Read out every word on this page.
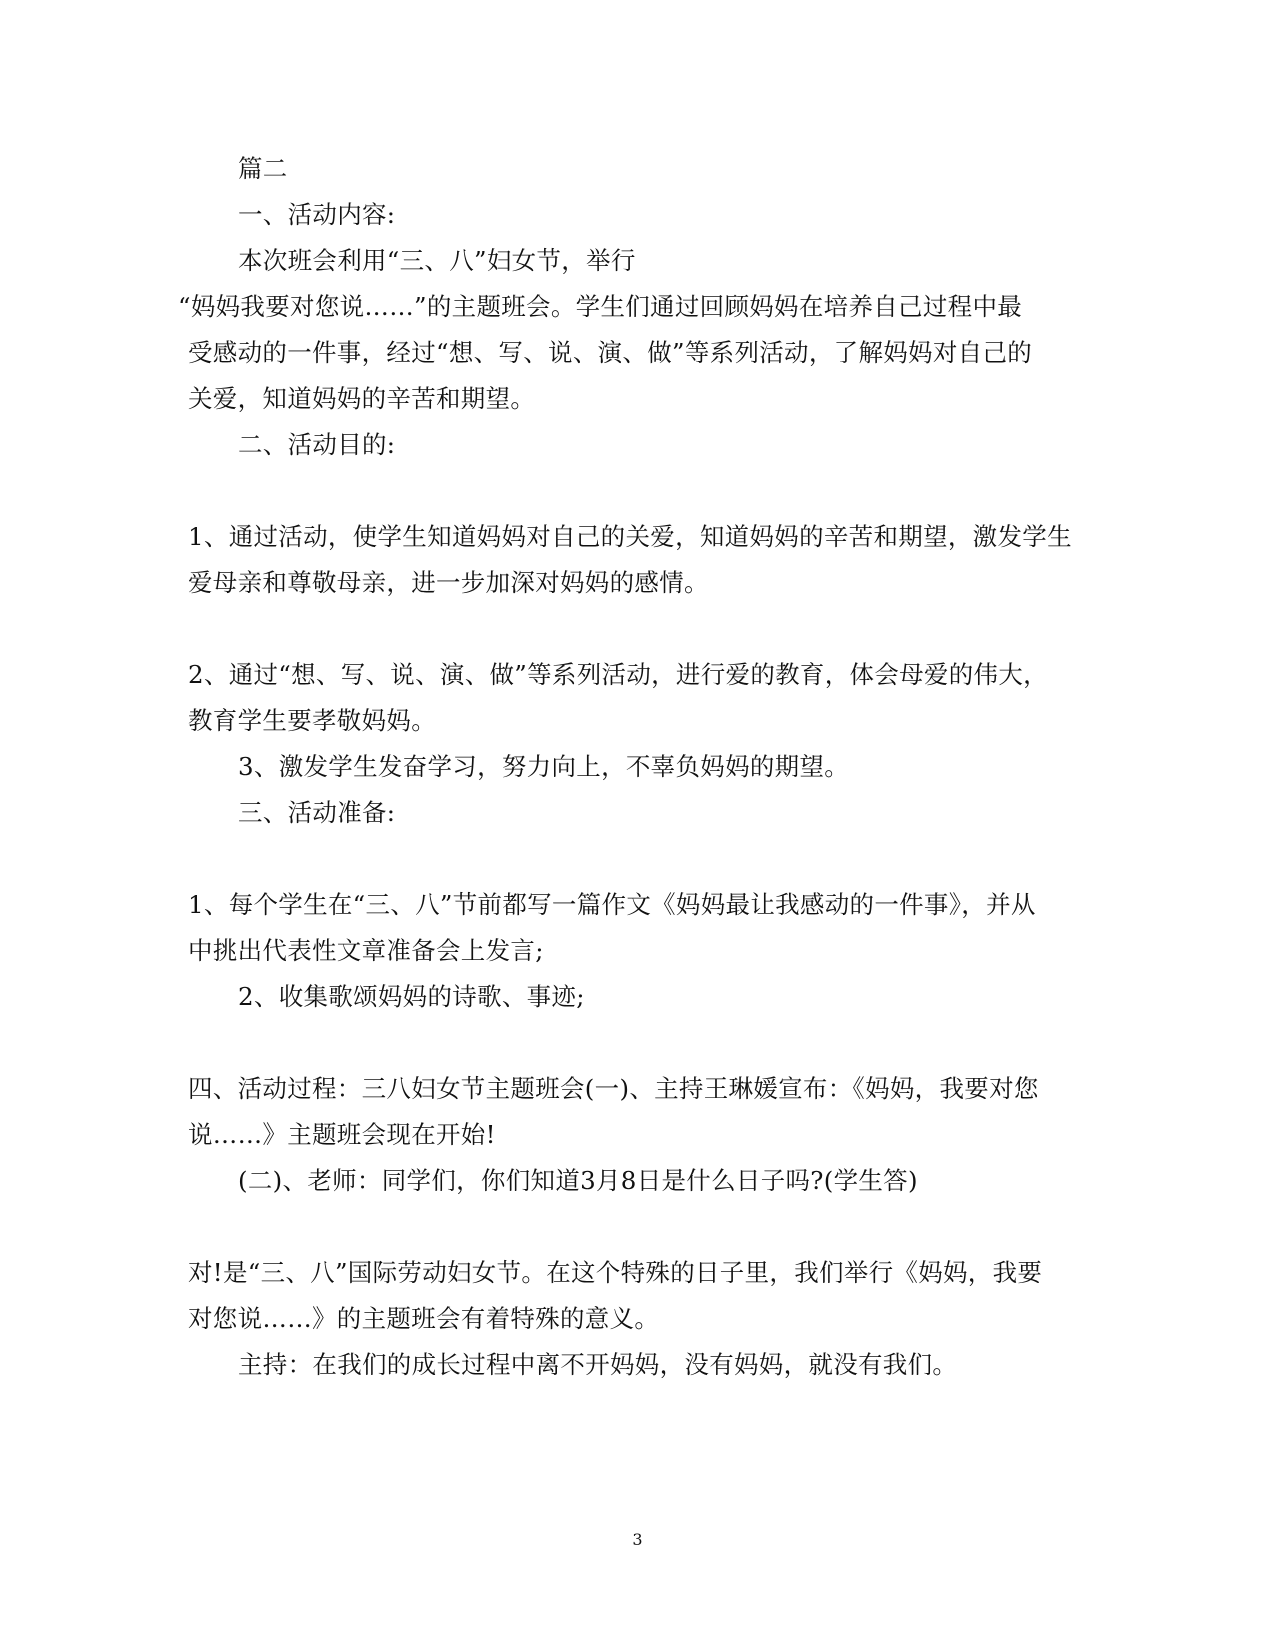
篇二
一、活动内容:
本次班会利用“三、八”妇女节，举行
“妈妈我要对您说……”的主题班会。学生们通过回顾妈妈在培养自己过程中最
受感动的一件事，经过“想、写、说、演、做”等系列活动，了解妈妈对自己的
关爱，知道妈妈的辛苦和期望。
二、活动目的:
1、通过活动，使学生知道妈妈对自己的关爱，知道妈妈的辛苦和期望，激发学生
爱母亲和尊敬母亲，进一步加深对妈妈的感情。
2、通过“想、写、说、演、做”等系列活动，进行爱的教育，体会母爱的伟大，
教育学生要孝敬妈妈。
3、激发学生发奋学习，努力向上，不辜负妈妈的期望。
三、活动准备:
1、每个学生在“三、八”节前都写一篇作文《妈妈最让我感动的一件事》，并从
中挑出代表性文章准备会上发言;
2、收集歌颂妈妈的诗歌、事迹;
四、活动过程：三八妇女节主题班会(一)、主持王琳媛宣布：《妈妈，我要对您
说……》主题班会现在开始!
(二)、老师：同学们，你们知道3月8日是什么日子吗?(学生答)
对!是“三、八”国际劳动妇女节。在这个特殊的日子里，我们举行《妈妈，我要
对您说……》的主题班会有着特殊的意义。
主持：在我们的成长过程中离不开妈妈，没有妈妈，就没有我们。
3
